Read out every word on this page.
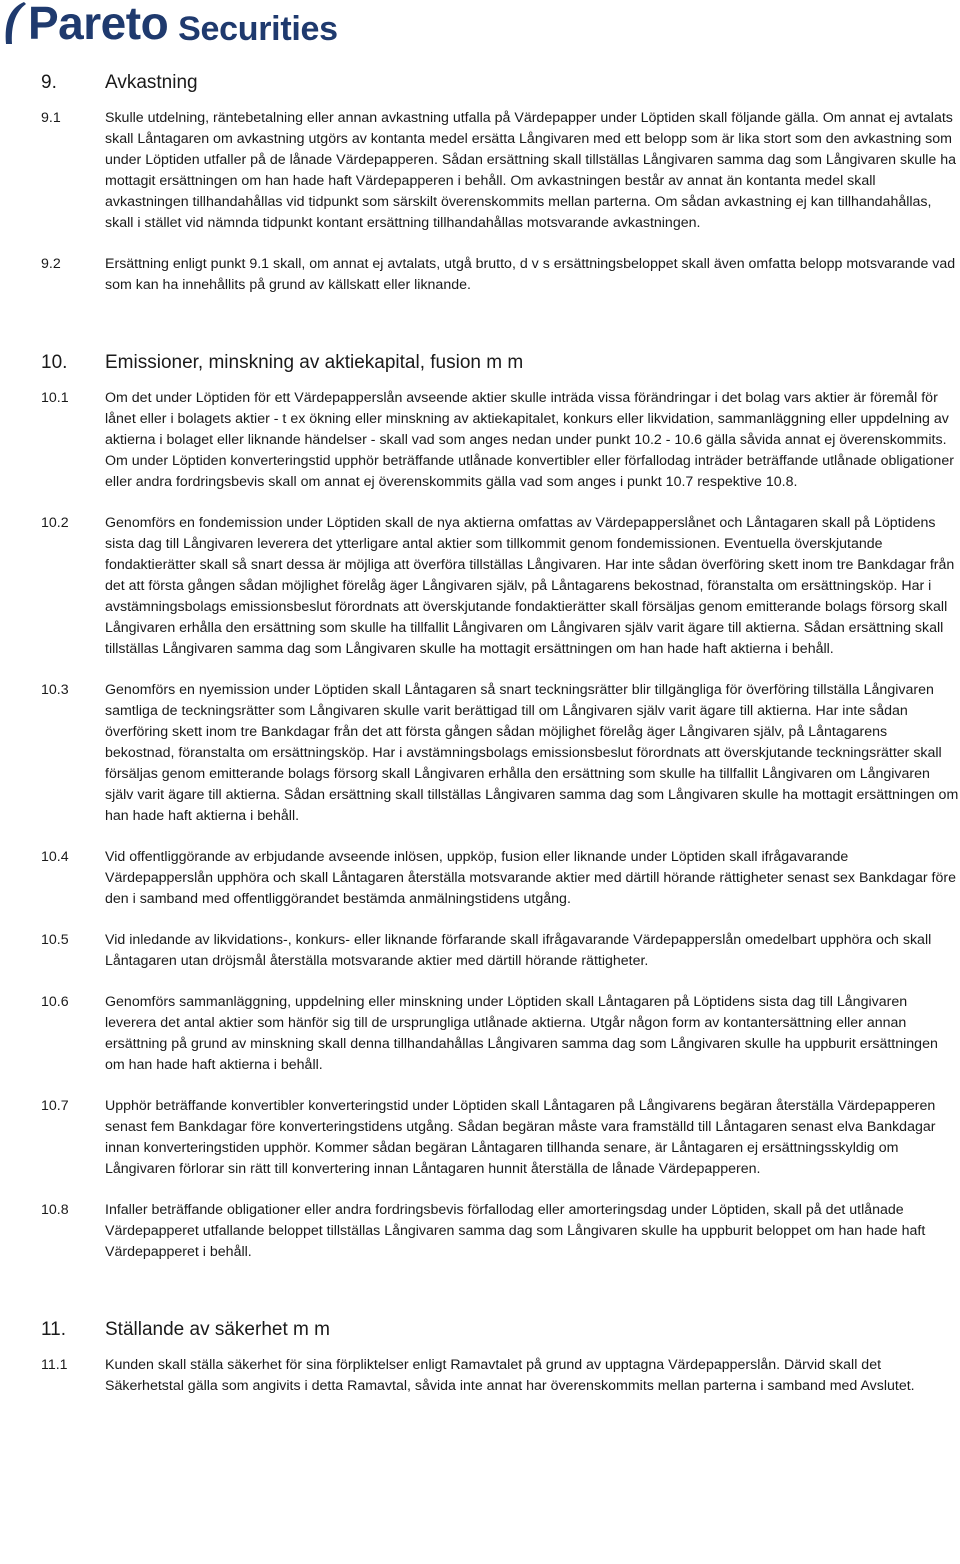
Pareto Securities
9.	Avkastning
9.1	Skulle utdelning, räntebetalning eller annan avkastning utfalla på Värdepapper under Löptiden skall följande gälla. Om annat ej avtalats skall Låntagaren om avkastning utgörs av kontanta medel ersätta Långivaren med ett belopp som är lika stort som den avkastning som under Löptiden utfaller på de lånade Värdepapperen. Sådan ersättning skall tillställas Långivaren samma dag som Långivaren skulle ha mottagit ersättningen om han hade haft Värdepapperen i behåll. Om avkastningen består av annat än kontanta medel skall avkastningen tillhandahållas vid tidpunkt som särskilt överenskommits mellan parterna. Om sådan avkastning ej kan tillhandahållas, skall i stället vid nämnda tidpunkt kontant ersättning tillhandahållas motsvarande avkastningen.
9.2	Ersättning enligt punkt 9.1 skall, om annat ej avtalats, utgå brutto, d v s ersättningsbeloppet skall även omfatta belopp motsvarande vad som kan ha innehållits på grund av källskatt eller liknande.
10.	Emissioner, minskning av aktiekapital, fusion m m
10.1	Om det under Löptiden för ett Värdepapperslån avseende aktier skulle inträda vissa förändringar i det bolag vars aktier är föremål för lånet eller i bolagets aktier - t ex ökning eller minskning av aktiekapitalet, konkurs eller likvidation, sammanläggning eller uppdelning av aktierna i bolaget eller liknande händelser - skall vad som anges nedan under punkt 10.2 - 10.6 gälla såvida annat ej överenskommits. Om under Löptiden konverteringstid upphör beträffande utlånade konvertibler eller förfallodag inträder beträffande utlånade obligationer eller andra fordringsbevis skall om annat ej överenskommits gälla vad som anges i punkt 10.7 respektive 10.8.
10.2	Genomförs en fondemission under Löptiden skall de nya aktierna omfattas av Värdepapperslånet och Låntagaren skall på Löptidens sista dag till Långivaren leverera det ytterligare antal aktier som tillkommit genom fondemissionen. Eventuella överskjutande fondaktierätter skall så snart dessa är möjliga att överföra tillställas Långivaren. Har inte sådan överföring skett inom tre Bankdagar från det att första gången sådan möjlighet förelåg äger Långivaren själv, på Låntagarens bekostnad, föranstalta om ersättningsköp. Har i avstämningsbolags emissionsbeslut förordnats att överskjutande fondaktierätter skall försäljas genom emitterande bolags försorg skall Långivaren erhålla den ersättning som skulle ha tillfallit Långivaren om Långivaren själv varit ägare till aktierna. Sådan ersättning skall tillställas Långivaren samma dag som Långivaren skulle ha mottagit ersättningen om han hade haft aktierna i behåll.
10.3	Genomförs en nyemission under Löptiden skall Låntagaren så snart teckningsrätter blir tillgängliga för överföring tillställa Långivaren samtliga de teckningsrätter som Långivaren skulle varit berättigad till om Långivaren själv varit ägare till aktierna. Har inte sådan överföring skett inom tre Bankdagar från det att första gången sådan möjlighet förelåg äger Långivaren själv, på Låntagarens bekostnad, föranstalta om ersättningsköp. Har i avstämningsbolags emissionsbeslut förordnats att överskjutande teckningsrätter skall försäljas genom emitterande bolags försorg skall Långivaren erhålla den ersättning som skulle ha tillfallit Långivaren om Långivaren själv varit ägare till aktierna. Sådan ersättning skall tillställas Långivaren samma dag som Långivaren skulle ha mottagit ersättningen om han hade haft aktierna i behåll.
10.4	Vid offentliggörande av erbjudande avseende inlösen, uppköp, fusion eller liknande under Löptiden skall ifrågavarande Värdepapperslån upphöra och skall Låntagaren återställa motsvarande aktier med därtill hörande rättigheter senast sex Bankdagar före den i samband med offentliggörandet bestämda anmälningstidens utgång.
10.5	Vid inledande av likvidations-, konkurs- eller liknande förfarande skall ifrågavarande Värdepapperslån omedelbart upphöra och skall Låntagaren utan dröjsmål återställa motsvarande aktier med därtill hörande rättigheter.
10.6	Genomförs sammanläggning, uppdelning eller minskning under Löptiden skall Låntagaren på Löptidens sista dag till Långivaren leverera det antal aktier som hänför sig till de ursprungliga utlånade aktierna. Utgår någon form av kontantersättning eller annan ersättning på grund av minskning skall denna tillhandahållas Långivaren samma dag som Långivaren skulle ha uppburit ersättningen om han hade haft aktierna i behåll.
10.7	Upphör beträffande konvertibler konverteringstid under Löptiden skall Låntagaren på Långivarens begäran återställa Värdepapperen senast fem Bankdagar före konverteringstidens utgång. Sådan begäran måste vara framställd till Låntagaren senast elva Bankdagar innan konverteringstiden upphör. Kommer sådan begäran Låntagaren tillhanda senare, är Låntagaren ej ersättningsskyldig om Långivaren förlorar sin rätt till konvertering innan Låntagaren hunnit återställa de lånade Värdepapperen.
10.8	Infaller beträffande obligationer eller andra fordringsbevis förfallodag eller amorteringsdag under Löptiden, skall på det utlånade Värdepapperet utfallande beloppet tillställas Långivaren samma dag som Långivaren skulle ha uppburit beloppet om han hade haft Värdepapperet i behåll.
11.	Ställande av säkerhet m m
11.1	Kunden skall ställa säkerhet för sina förpliktelser enligt Ramavtalet på grund av upptagna Värdepapperslån. Därvid skall det Säkerhetstal gälla som angivits i detta Ramavtal, såvida inte annat har överenskommits mellan parterna i samband med Avslutet.
